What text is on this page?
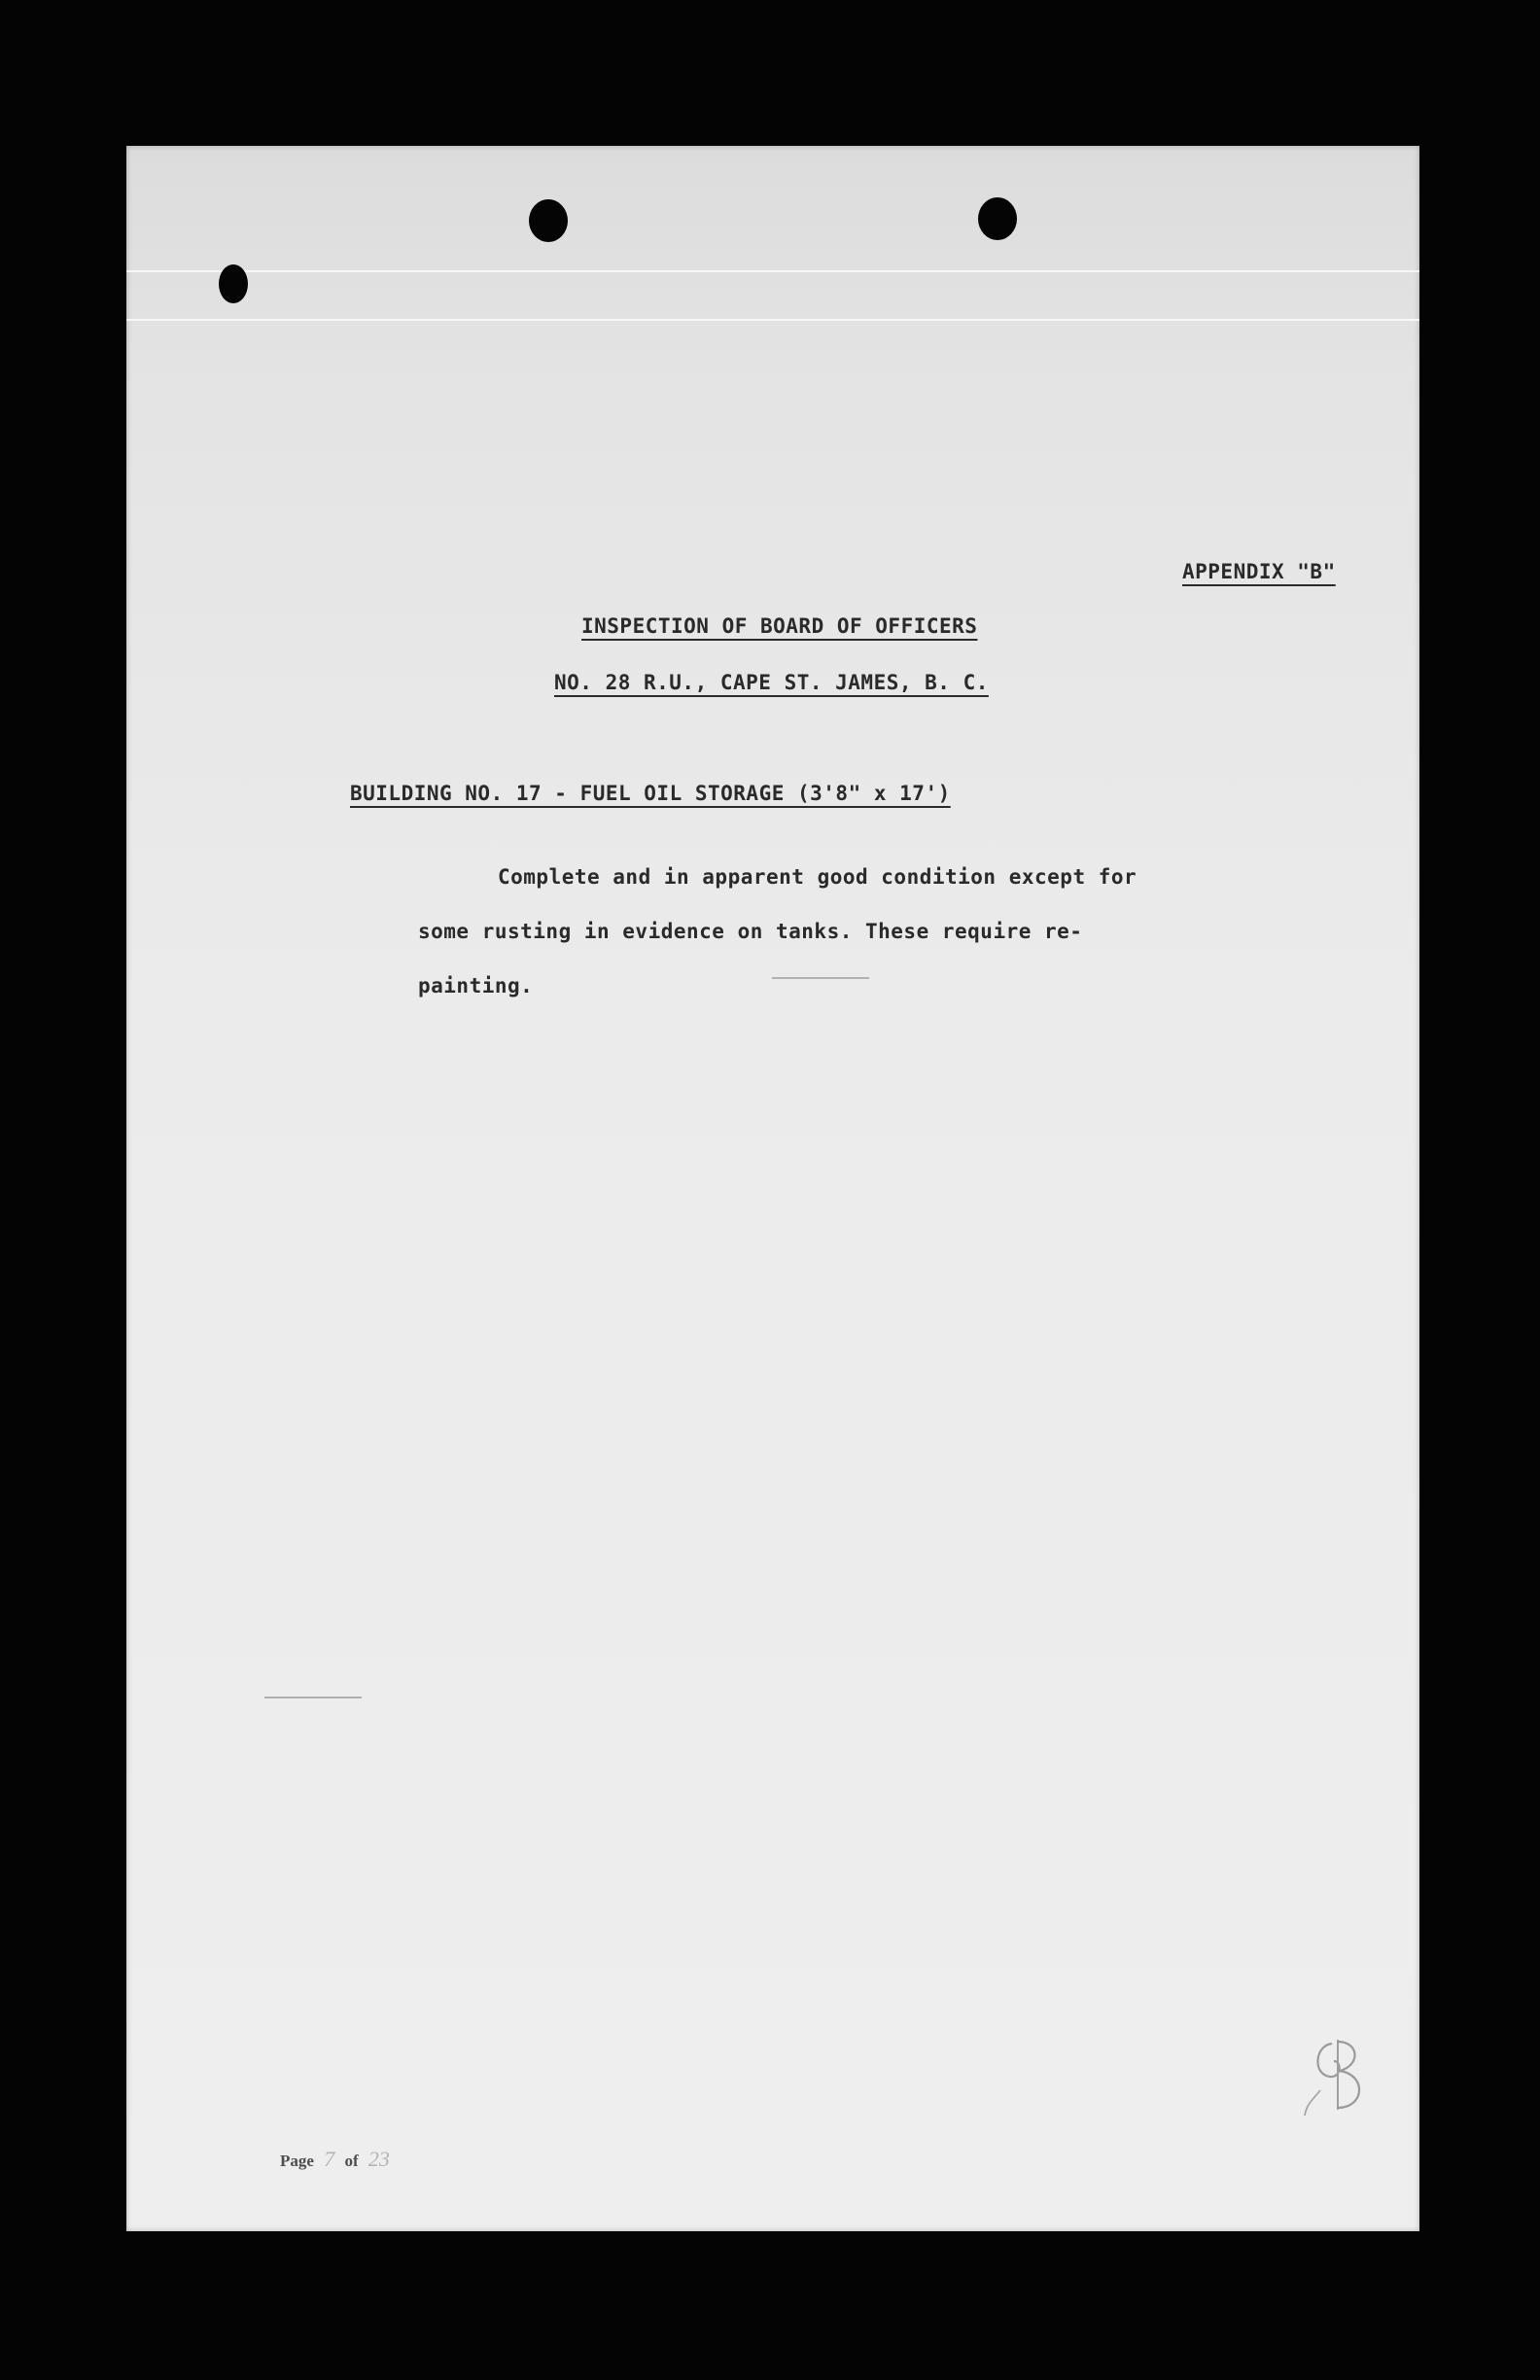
APPENDIX "B"

INSPECTION OF BOARD OF OFFICERS

NO. 28 R.U., CAPE ST. JAMES, B. C.

BUILDING NO. 17 - FUEL OIL STORAGE (3'8" x 17')

Complete and in apparent good condition except for some rusting in evidence on tanks. These require re-painting.

Page 7 of 23
